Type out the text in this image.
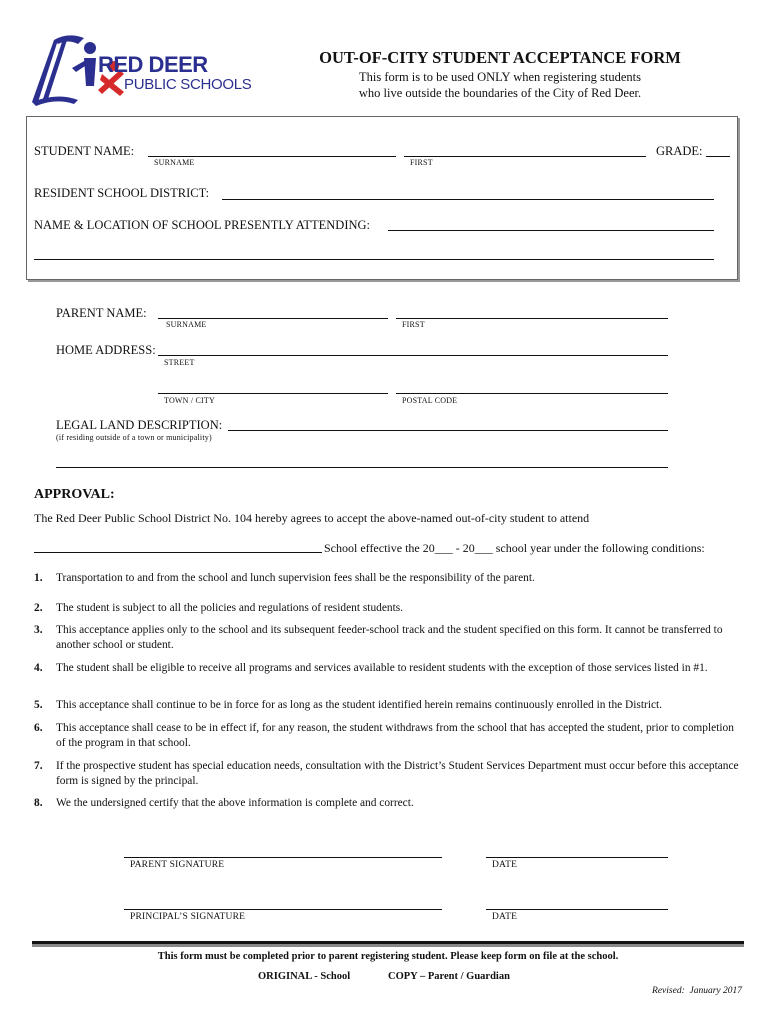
RED DEER
PUBLIC SCHOOLS
OUT-OF-CITY STUDENT ACCEPTANCE FORM
This form is to be used ONLY when registering students
who live outside the boundaries of the City of Red Deer.
STUDENT NAME:
SURNAME	FIRST
GRADE:
RESIDENT SCHOOL DISTRICT:
NAME & LOCATION OF SCHOOL PRESENTLY ATTENDING:
PARENT NAME:
SURNAME	FIRST
HOME ADDRESS:
STREET
TOWN / CITY	POSTAL CODE
LEGAL LAND DESCRIPTION:
(if residing outside of a town or municipality)
APPROVAL:
The Red Deer Public School District No. 104 hereby agrees to accept the above-named out-of-city student to attend
School effective the 20___ - 20___ school year under the following conditions:
1. Transportation to and from the school and lunch supervision fees shall be the responsibility of the parent.
2. The student is subject to all the policies and regulations of resident students.
3. This acceptance applies only to the school and its subsequent feeder-school track and the student specified on this form. It cannot be transferred to another school or student.
4. The student shall be eligible to receive all programs and services available to resident students with the exception of those services listed in #1.
5. This acceptance shall continue to be in force for as long as the student identified herein remains continuously enrolled in the District.
6. This acceptance shall cease to be in effect if, for any reason, the student withdraws from the school that has accepted the student, prior to completion of the program in that school.
7. If the prospective student has special education needs, consultation with the District’s Student Services Department must occur before this acceptance form is signed by the principal.
8. We the undersigned certify that the above information is complete and correct.
PARENT SIGNATURE	DATE
PRINCIPAL’S SIGNATURE	DATE
This form must be completed prior to parent registering student. Please keep form on file at the school.
ORIGINAL - School	COPY – Parent / Guardian
Revised:  January 2017
